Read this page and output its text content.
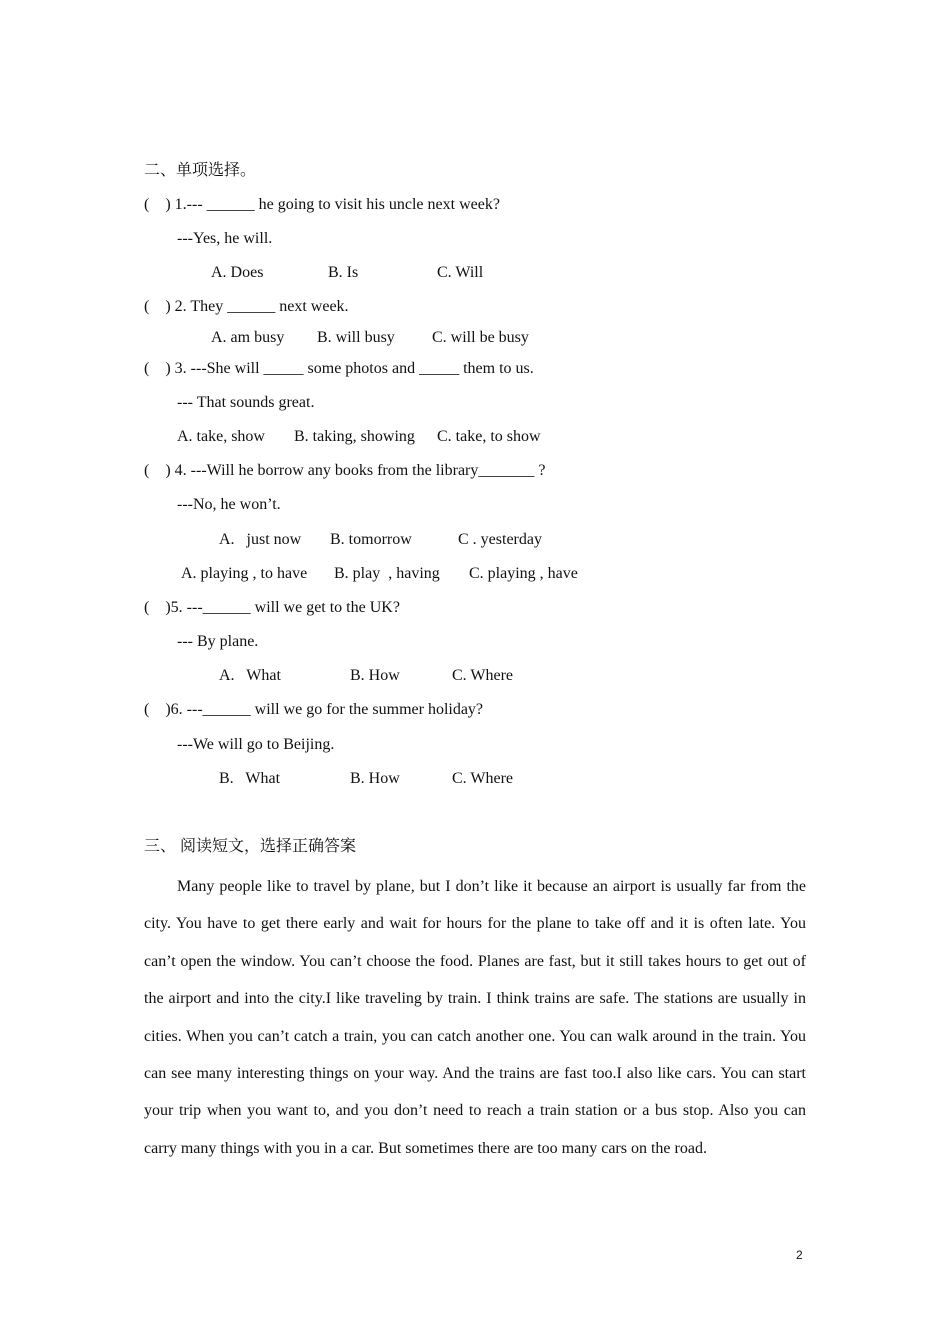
二、单项选择。
(    ) 1.--- ______ he going to visit his uncle next week?
---Yes, he will.
A. Does	B. Is	C. Will
(    ) 2. They ______ next week.
A. am busy B. will busy C. will be busy
(    ) 3. ---She will _____ some photos and _____ them to us.
--- That sounds great.
A. take, show B. taking, showing C. take, to show
(    ) 4. ---Will he borrow any books from the library_______ ?
---No, he won’t.
A.   just now B. tomorrow	C . yesterday
A. playing , to have B. play  , having C. playing , have
(    )5. ---______ will we get to the UK?
--- By plane.
A.   What	B. How	C. Where
(    )6. ---______ will we go for the summer holiday?
---We will go to Beijing.
B.   What	B. How	C. Where
三、 阅读短文，选择正确答案
Many people like to travel by plane, but I don’t like it because an airport is usually far from the city. You have to get there early and wait for hours for the plane to take off and it is often late. You can’t open the window. You can’t choose the food. Planes are fast, but it still takes hours to get out of the airport and into the city.I like traveling by train. I think trains are safe. The stations are usually in cities. When you can’t catch a train, you can catch another one. You can walk around in the train. You can see many interesting things on your way. And the trains are fast too.I also like cars. You can start your trip when you want to, and you don’t need to reach a train station or a bus stop. Also you can carry many things with you in a car. But sometimes there are too many cars on the road.
2
